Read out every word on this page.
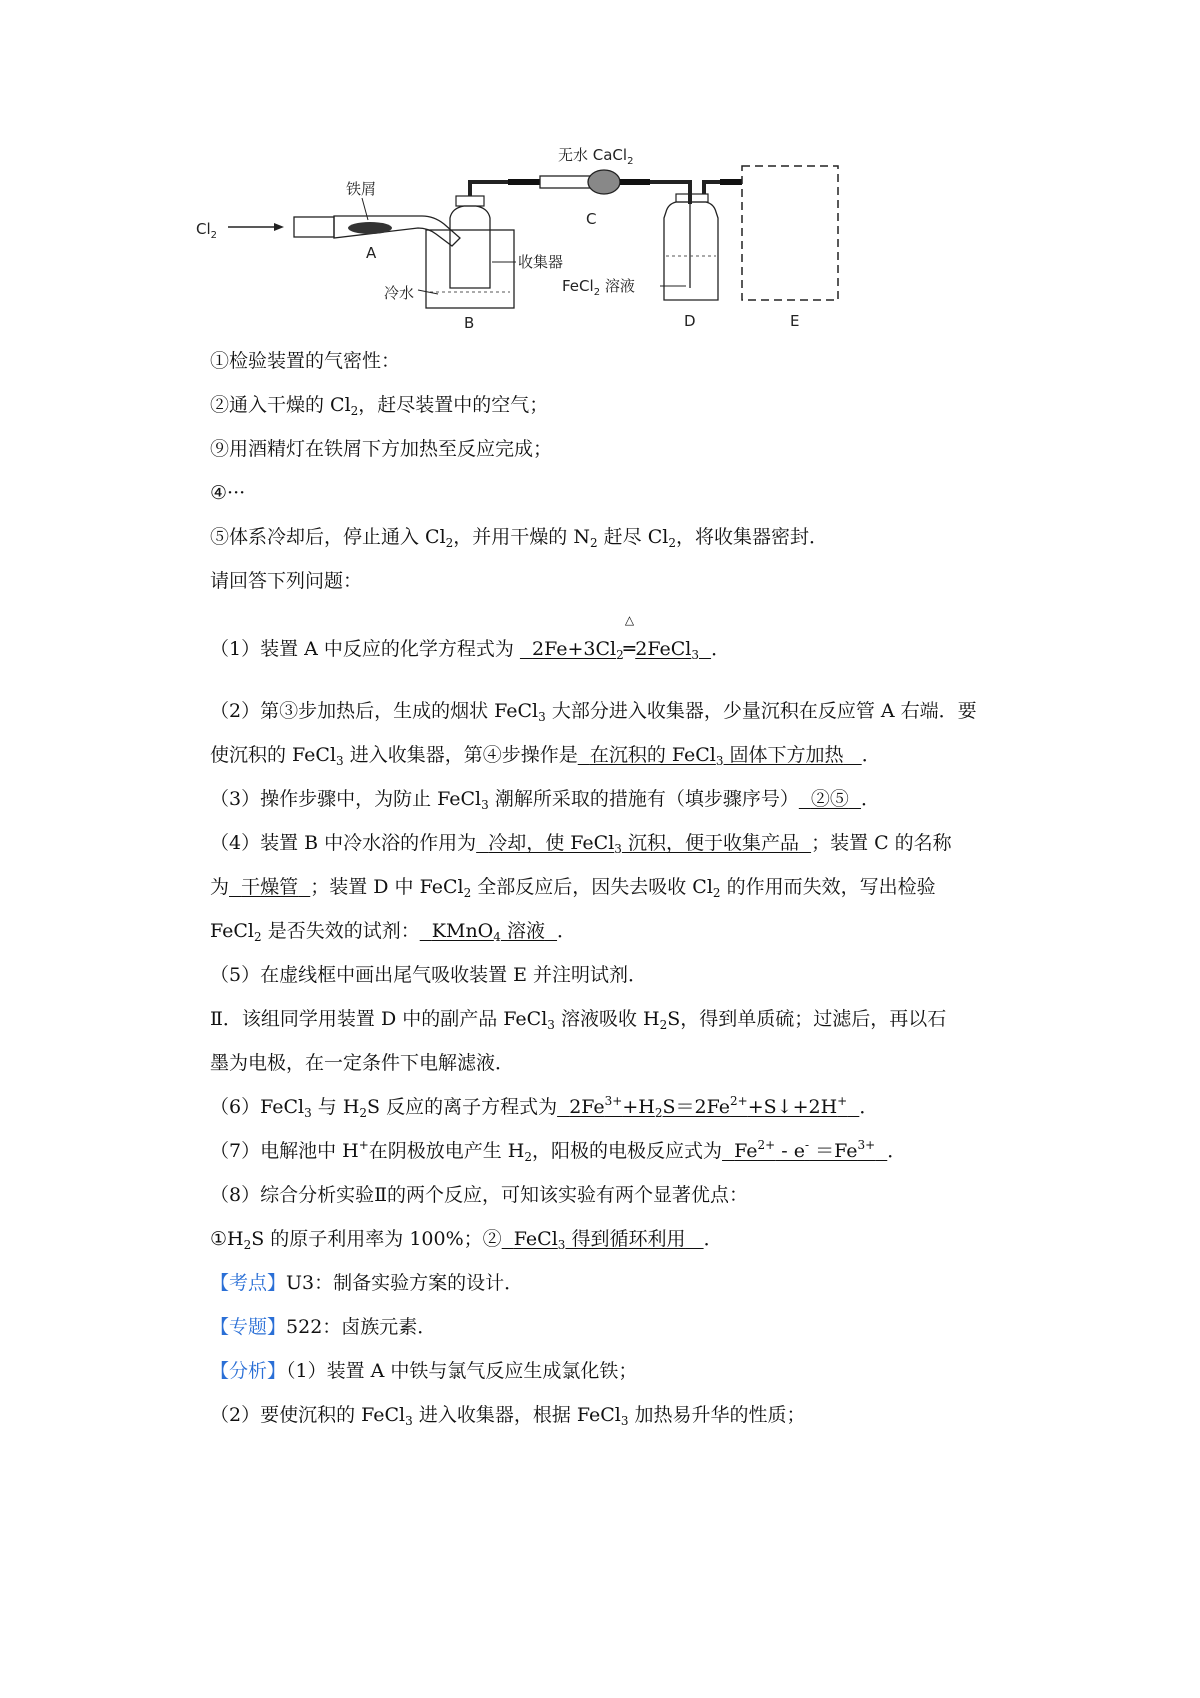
$Cl_2$
铁屑
A	收集器
冷水
B
无水 CaCl$_2$
C
FeCl$_2$ 溶液
D	E
①检验装置的气密性：
②通入干燥的 $Cl_2$，赶尽装置中的空气；
⑨用酒精灯在铁屑下方加热至反应完成；
④···
⑤体系冷却后，停止通入 $Cl_2$，并用干燥的 $N_2$ 赶尽 $Cl_2$，将收集器密封．
请回答下列问题：
（1）装置 A 中反应的化学方程式为 $2Fe+3Cl_2$
△
═2FeCl$_3$ ．
（2）第③步加热后，生成的烟状 FeCl$_3$ 大部分进入收集器，少量沉积在反应管 A 右端．要
使沉积的 FeCl$_3$ 进入收集器，第④步操作是 在沉积的 FeCl$_3$ 固体下方加热 ．
（3）操作步骤中，为防止 FeCl$_3$ 潮解所采取的措施有（填步骤序号） ②⑤ ．
（4）装置 B 中冷水浴的作用为 冷却，使 FeCl$_3$ 沉积，便于收集产品 ；装置 C 的名称
为 干燥管 ；装置 D 中 FeCl$_2$ 全部反应后，因失去吸收 $Cl_2$ 的作用而失效，写出检验
FeCl$_2$ 是否失效的试剂： KMnO$_4$ 溶液 ．
（5）在虚线框中画出尾气吸收装置 E 并注明试剂．
Ⅱ．该组同学用装置 D 中的副产品 FeCl$_3$ 溶液吸收 $H_2S$，得到单质硫；过滤后，再以石
墨为电极，在一定条件下电解滤液．
（6）FeCl$_3$ 与 $H_2S$ 反应的离子方程式为 $2Fe^{3+}+H_2S=2Fe^{2+}+S↓+2H^+$ ．
（7）电解池中 H+在阴极放电产生 $H_2$，阳极的电极反应式为 $Fe^{2+} - e^- =Fe^{3+}$ ．
（8）综合分析实验Ⅱ的两个反应，可知该实验有两个显著优点：
$①H_2S$ 的原子利用率为 100%；② FeCl$_3$ 得到循环利用 ．
【考点】U3：制备实验方案的设计．
【专题】522：卤族元素．
【分析】（1）装置 A 中铁与氯气反应生成氯化铁；
（2）要使沉积的 FeCl$_3$ 进入收集器，根据 FeCl$_3$ 加热易升华的性质；
